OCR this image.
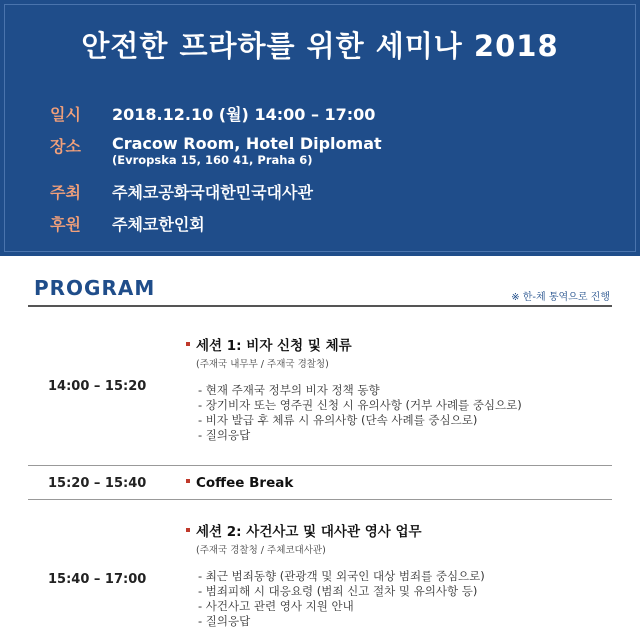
안전한 프라하를 위한 세미나 2018
일시	2018.12.10 (월) 14:00 – 17:00
장소	Cracow Room, Hotel Diplomat
(Evropska 15, 160 41, Praha 6)
주최	주체코공화국대한민국대사관
후원	주체코한인회
PROGRAM	※ 한-체 통역으로 진행
14:00 – 15:20
세션 1: 비자 신청 및 체류
(주재국 내무부 / 주재국 경찰청)
- 현재 주재국 정부의 비자 정책 동향
- 장기비자 또는 영주권 신청 시 유의사항 (거부 사례를 중심으로)
- 비자 발급 후 체류 시 유의사항 (단속 사례를 중심으로)
- 질의응답
15:20 – 15:40	Coffee Break
15:40 – 17:00
세션 2: 사건사고 및 대사관 영사 업무
(주재국 경찰청 / 주체코대사관)
- 최근 범죄동향 (관광객 및 외국인 대상 범죄를 중심으로)
- 범죄피해 시 대응요령 (범죄 신고 절차 및 유의사항 등)
- 사건사고 관련 영사 지원 안내
- 질의응답
